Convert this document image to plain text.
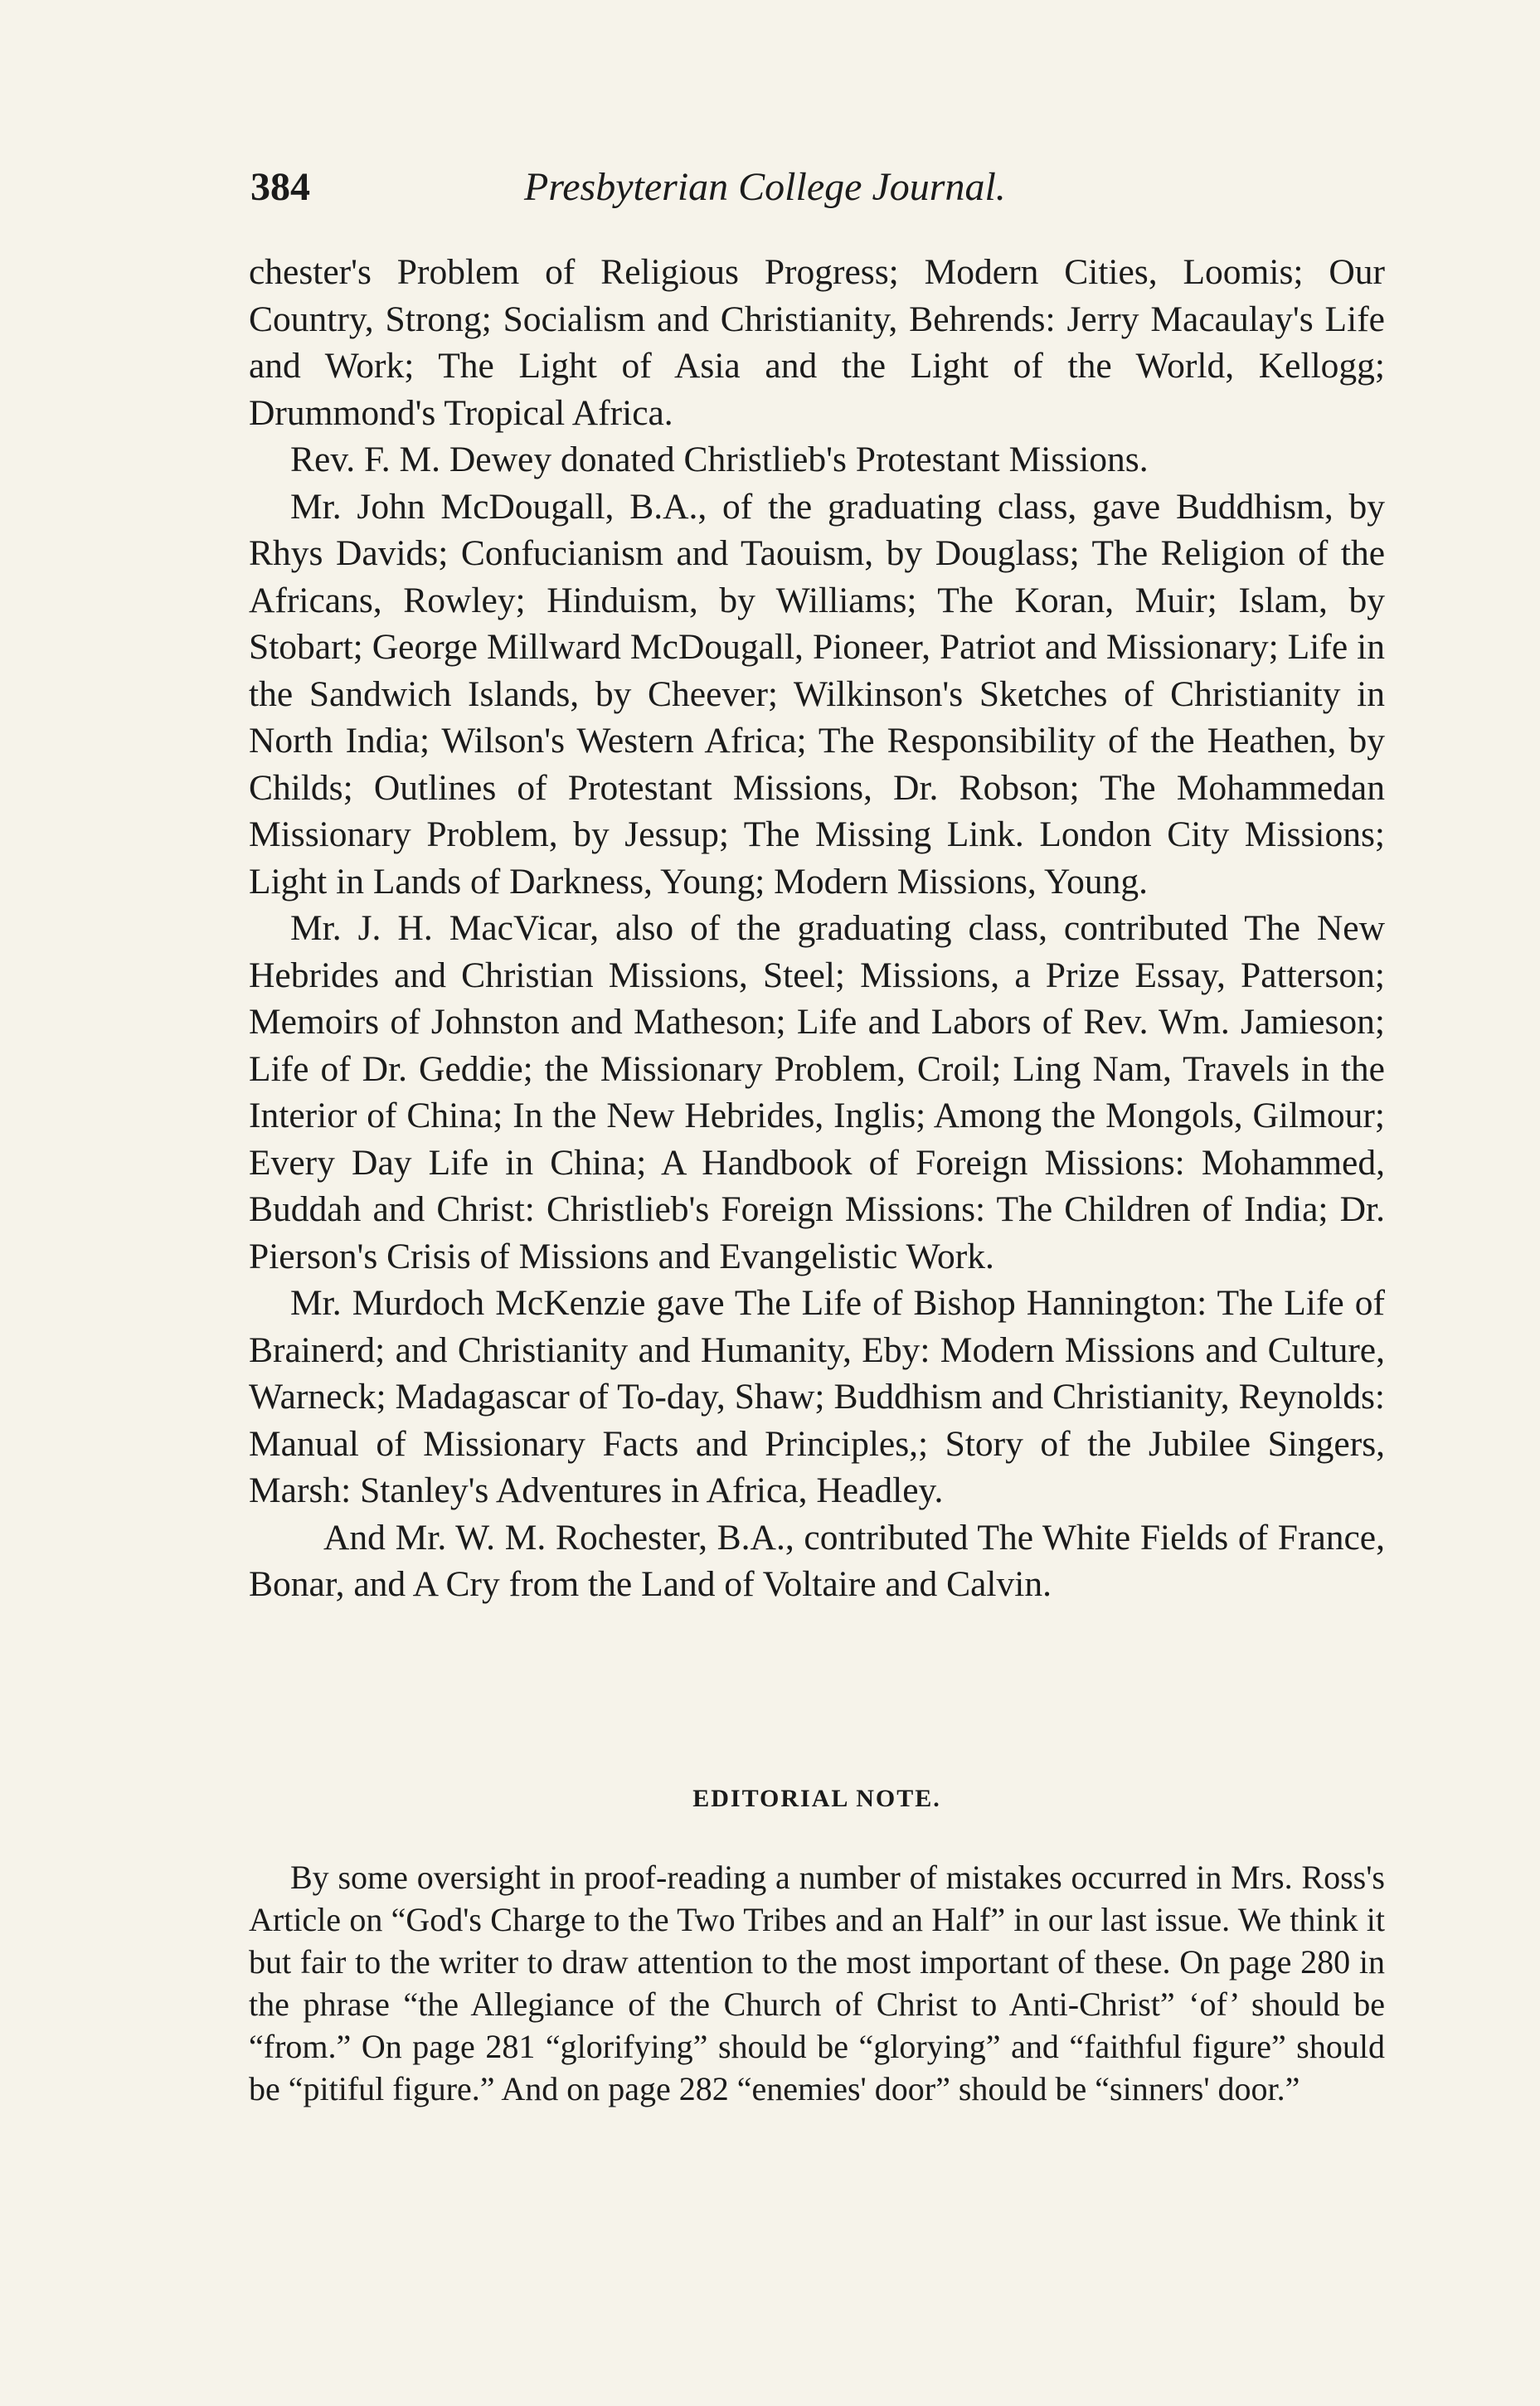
384	Presbyterian College Journal.

chester's Problem of Religious Progress; Modern Cities, Loomis; Our Country, Strong; Socialism and Christianity, Behrends: Jerry Macaulay's Life and Work; The Light of Asia and the Light of the World, Kellogg; Drummond's Tropical Africa.

Rev. F. M. Dewey donated Christlieb's Protestant Missions.

Mr. John McDougall, B.A., of the graduating class, gave Buddhism, by Rhys Davids; Confucianism and Taouism, by Douglass; The Religion of the Africans, Rowley; Hinduism, by Williams; The Koran, Muir; Islam, by Stobart; George Millward McDougall, Pioneer, Patriot and Missionary; Life in the Sandwich Islands, by Cheever; Wilkinson's Sketches of Christianity in North India; Wilson's Western Africa; The Responsibility of the Heathen, by Childs; Outlines of Protestant Missions, Dr. Robson; The Mohammedan Missionary Problem, by Jessup; The Missing Link. London City Missions; Light in Lands of Darkness, Young; Modern Missions, Young.

Mr. J. H. MacVicar, also of the graduating class, contributed The New Hebrides and Christian Missions, Steel; Missions, a Prize Essay, Patterson; Memoirs of Johnston and Matheson; Life and Labors of Rev. Wm. Jamieson; Life of Dr. Geddie; the Missionary Problem, Croil; Ling Nam, Travels in the Interior of China; In the New Hebrides, Inglis; Among the Mongols, Gilmour; Every Day Life in China; A Handbook of Foreign Missions: Mohammed, Buddah and Christ: Christlieb's Foreign Missions: The Children of India; Dr. Pierson's Crisis of Missions and Evangelistic Work.

Mr. Murdoch McKenzie gave The Life of Bishop Hannington: The Life of Brainerd; and Christianity and Humanity, Eby: Modern Missions and Culture, Warneck; Madagascar of To-day, Shaw; Buddhism and Christianity, Reynolds: Manual of Missionary Facts and Principles,; Story of the Jubilee Singers, Marsh: Stanley's Adventures in Africa, Headley.

And Mr. W. M. Rochester, B.A., contributed The White Fields of France, Bonar, and A Cry from the Land of Voltaire and Calvin.

EDITORIAL NOTE.

By some oversight in proof-reading a number of mistakes occurred in Mrs. Ross's Article on “God's Charge to the Two Tribes and an Half” in our last issue. We think it but fair to the writer to draw attention to the most important of these. On page 280 in the phrase “the Allegiance of the Church of Christ to Anti-Christ” ‘of’ should be “from.” On page 281 “glorifying” should be “glorying” and “faithful figure” should be “pitiful figure.” And on page 282 “enemies' door” should be “sinners' door.”
